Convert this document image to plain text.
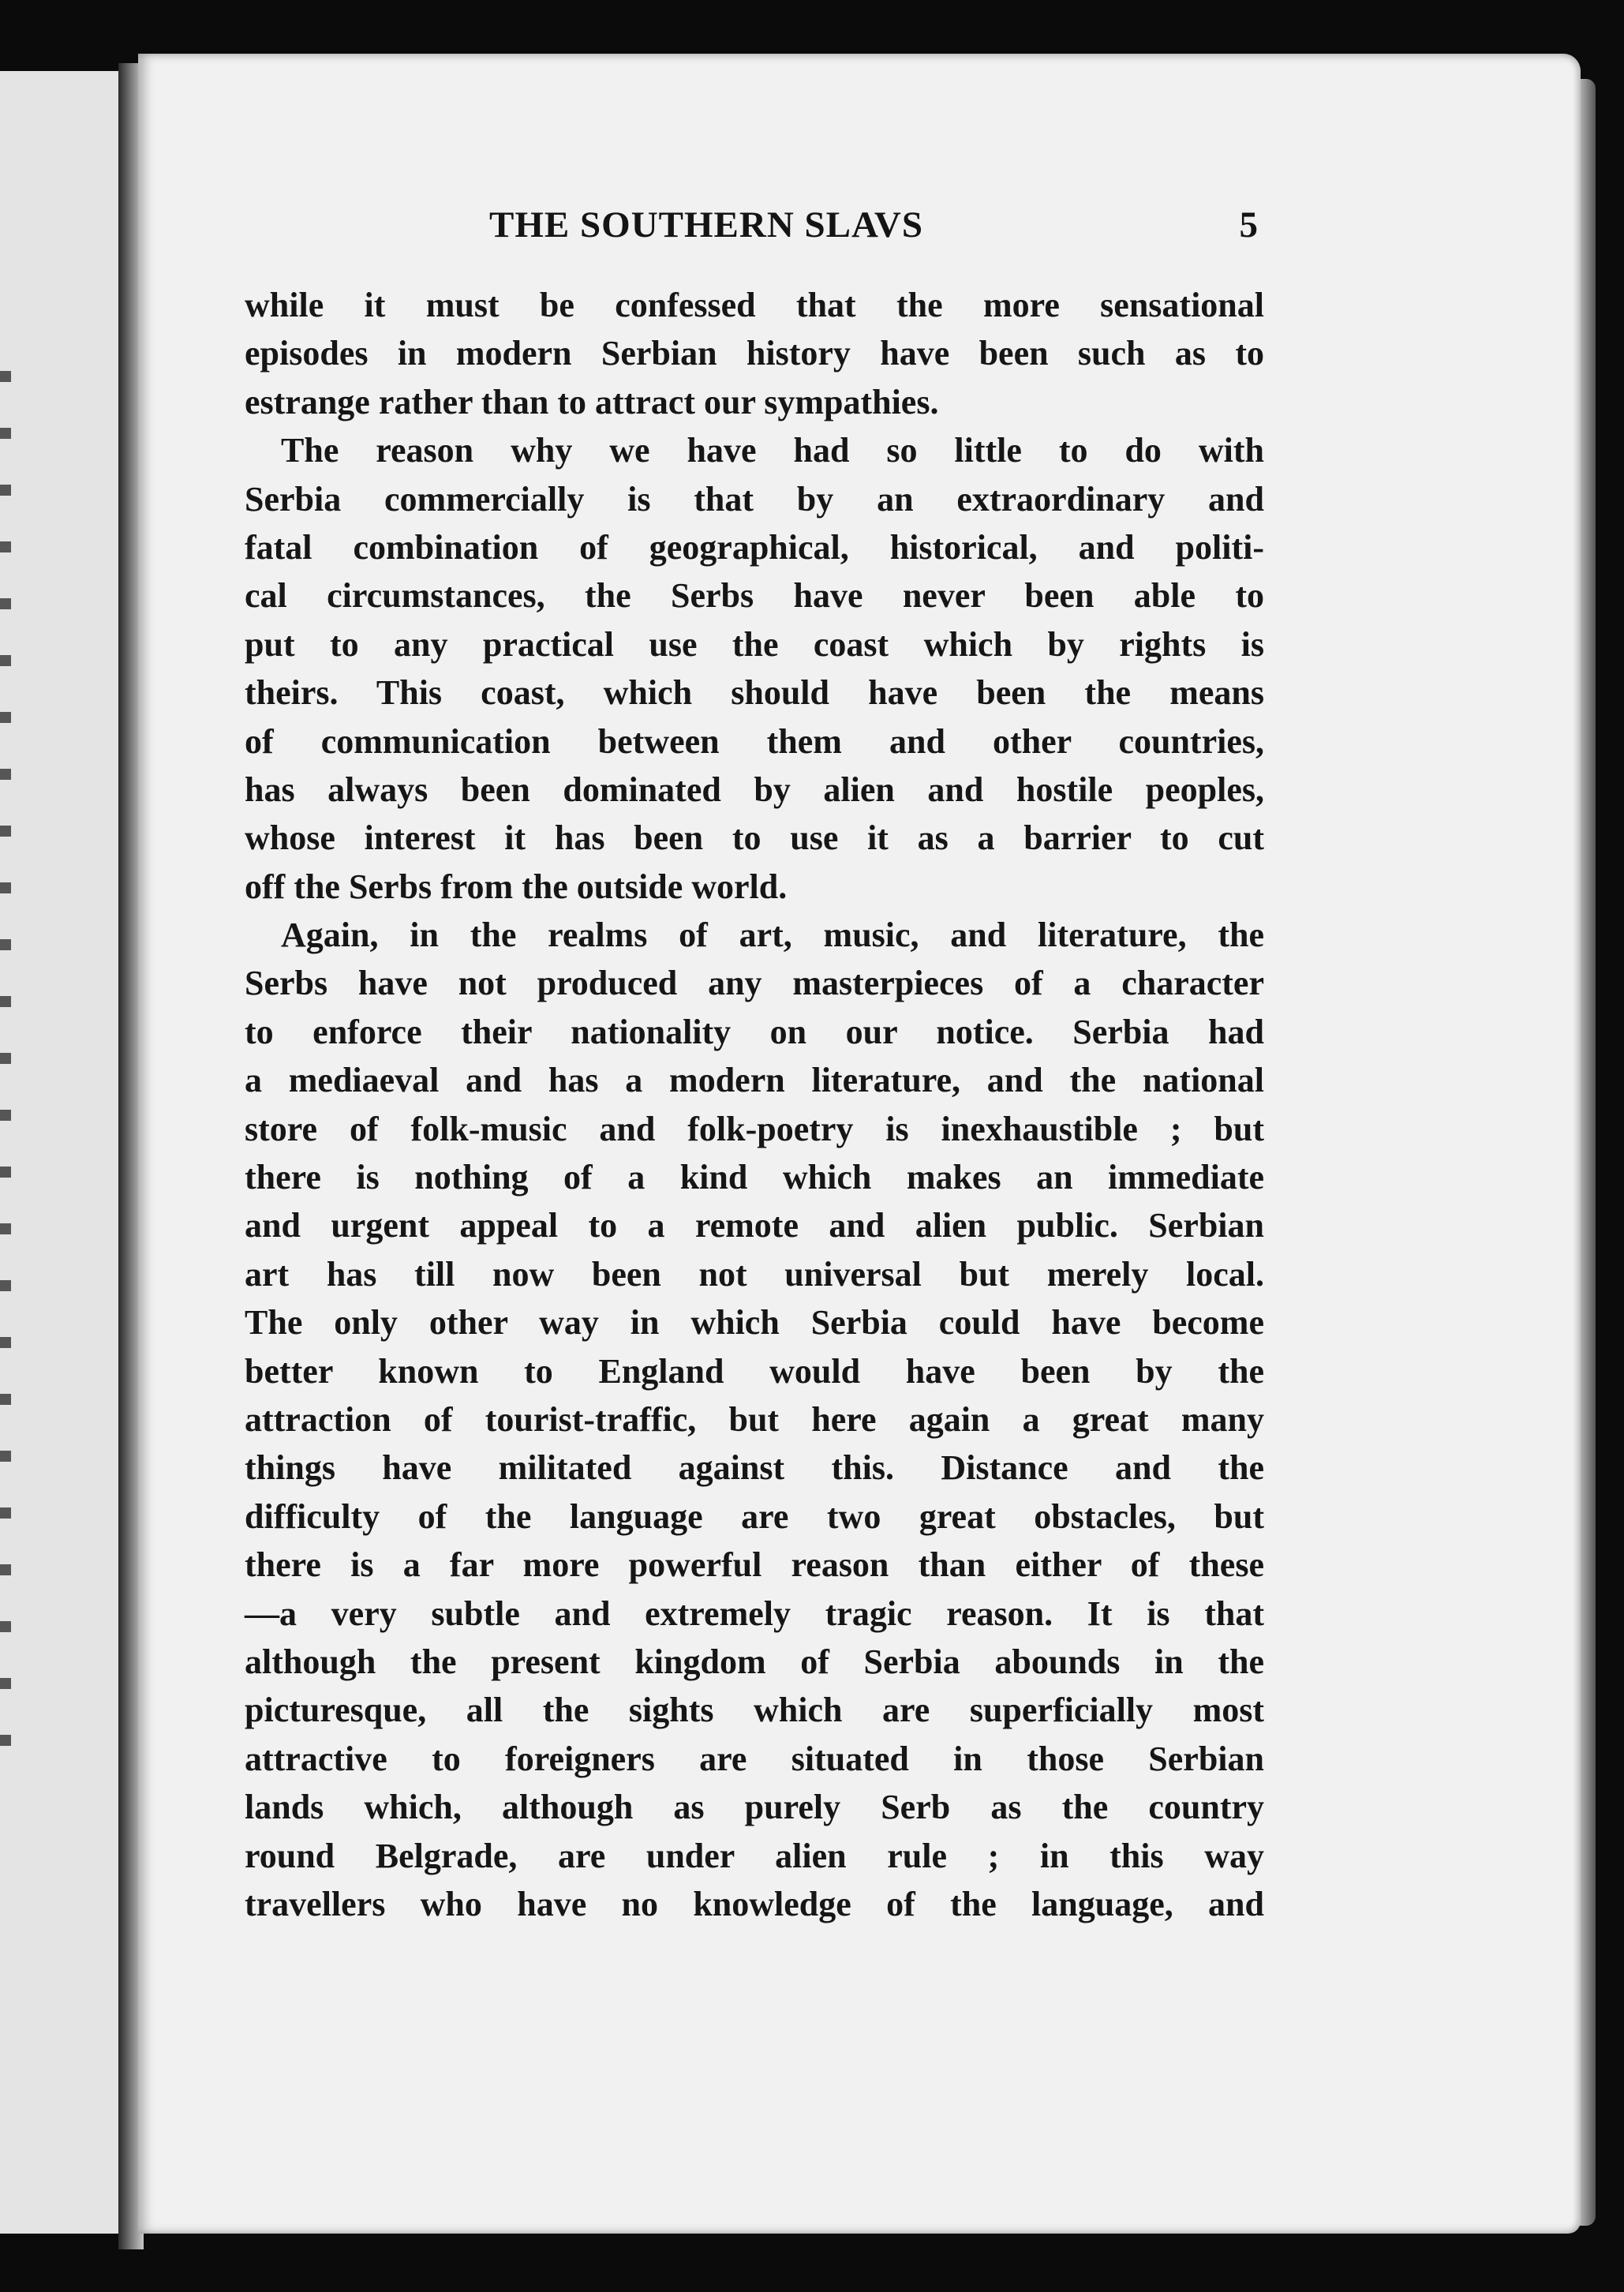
THE SOUTHERN SLAVS	5
while it must be confessed that the more sensational
episodes in modern Serbian history have been such as to
estrange rather than to attract our sympathies.
The reason why we have had so little to do with
Serbia commercially is that by an extraordinary and
fatal combination of geographical, historical, and politi-
cal circumstances, the Serbs have never been able to
put to any practical use the coast which by rights is
theirs. This coast, which should have been the means
of communication between them and other countries,
has always been dominated by alien and hostile peoples,
whose interest it has been to use it as a barrier to cut
off the Serbs from the outside world.
Again, in the realms of art, music, and literature, the
Serbs have not produced any masterpieces of a character
to enforce their nationality on our notice. Serbia had
a mediaeval and has a modern literature, and the national
store of folk-music and folk-poetry is inexhaustible ; but
there is nothing of a kind which makes an immediate
and urgent appeal to a remote and alien public. Serbian
art has till now been not universal but merely local.
The only other way in which Serbia could have become
better known to England would have been by the
attraction of tourist-traffic, but here again a great many
things have militated against this. Distance and the
difficulty of the language are two great obstacles, but
there is a far more powerful reason than either of these
—a very subtle and extremely tragic reason. It is that
although the present kingdom of Serbia abounds in the
picturesque, all the sights which are superficially most
attractive to foreigners are situated in those Serbian
lands which, although as purely Serb as the country
round Belgrade, are under alien rule ; in this way
travellers who have no knowledge of the language, and
